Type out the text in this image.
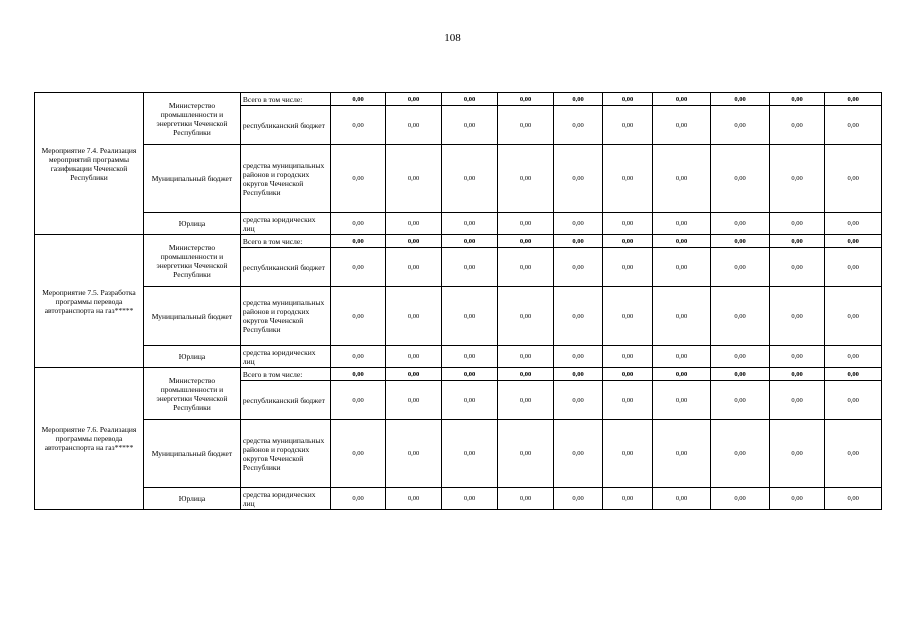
108
Мероприятие 7.4. Реализация мероприятий программы газификации Чеченской Республики	Министерство промышленности и энергетики Чеченской Республики	Всего в том числе:	0,00	0,00	0,00	0,00	0,00	0,00	0,00	0,00	0,00	0,00
		республиканский бюджет	0,00	0,00	0,00	0,00	0,00	0,00	0,00	0,00	0,00	0,00
	Муниципальный бюджет	средства муниципальных районов и городских округов Чеченской Республики	0,00	0,00	0,00	0,00	0,00	0,00	0,00	0,00	0,00	0,00
	Юрлица	средства юридических лиц	0,00	0,00	0,00	0,00	0,00	0,00	0,00	0,00	0,00	0,00
Мероприятие 7.5. Разработка программы перевода автотранспорта на газ*****	Министерство промышленности и энергетики Чеченской Республики	Всего в том числе:	0,00	0,00	0,00	0,00	0,00	0,00	0,00	0,00	0,00	0,00
		республиканский бюджет	0,00	0,00	0,00	0,00	0,00	0,00	0,00	0,00	0,00	0,00
	Муниципальный бюджет	средства муниципальных районов и городских округов Чеченской Республики	0,00	0,00	0,00	0,00	0,00	0,00	0,00	0,00	0,00	0,00
	Юрлица	средства юридических лиц	0,00	0,00	0,00	0,00	0,00	0,00	0,00	0,00	0,00	0,00
Мероприятие 7.6. Реализация программы перевода автотранспорта на газ*****	Министерство промышленности и энергетики Чеченской Республики	Всего в том числе:	0,00	0,00	0,00	0,00	0,00	0,00	0,00	0,00	0,00	0,00
		республиканский бюджет	0,00	0,00	0,00	0,00	0,00	0,00	0,00	0,00	0,00	0,00
	Муниципальный бюджет	средства муниципальных районов и городских округов Чеченской Республики	0,00	0,00	0,00	0,00	0,00	0,00	0,00	0,00	0,00	0,00
	Юрлица	средства юридических лиц	0,00	0,00	0,00	0,00	0,00	0,00	0,00	0,00	0,00	0,00
